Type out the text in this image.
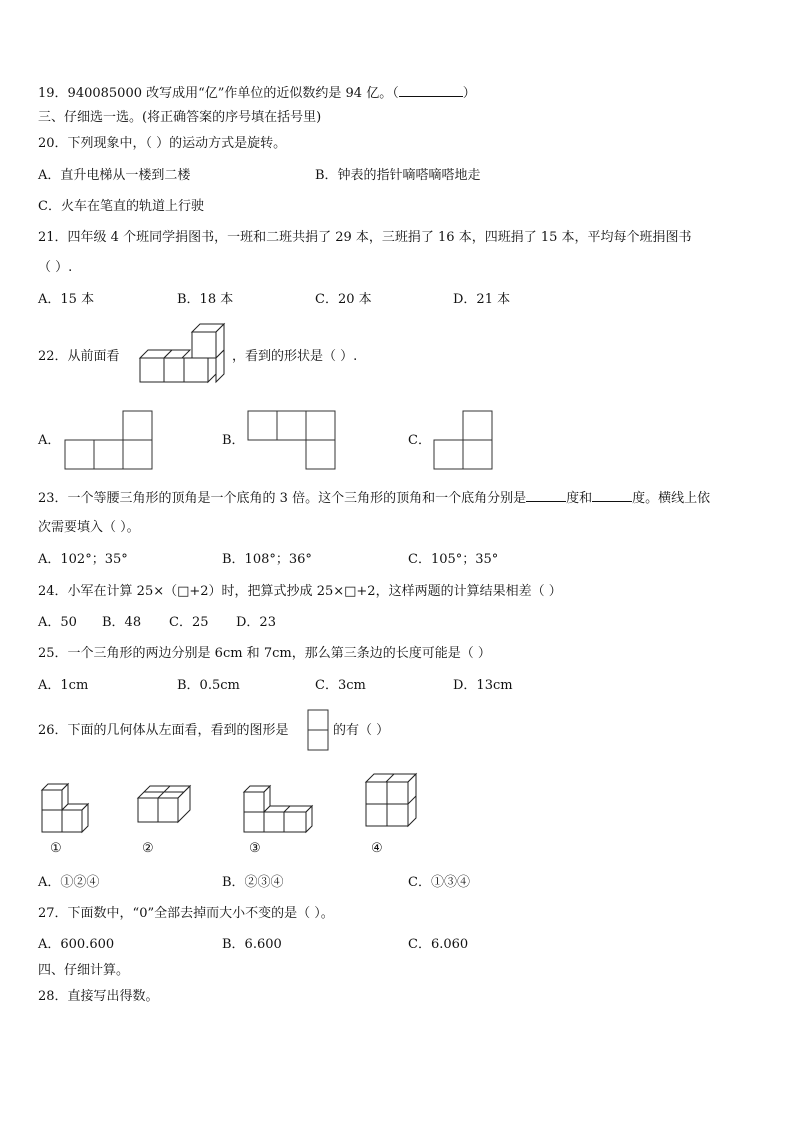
19．940085000 改写成用“亿”作单位的近似数约是 94 亿。（	）
三、仔细选一选。(将正确答案的序号填在括号里)
20．下列现象中，（ ）的运动方式是旋转。
A．直升电梯从一楼到二楼	B．钟表的指针嘀嗒嘀嗒地走
C．火车在笔直的轨道上行驶
21．四年级 4 个班同学捐图书，一班和二班共捐了 29 本，三班捐了 16 本，四班捐了 15 本，平均每个班捐图书
（ ）.
A．15 本	B．18 本	C．20 本	D．21 本
22．从前面看	，看到的形状是（ ）.
A．	B．	C．
23．一个等腰三角形的顶角是一个底角的 3 倍。这个三角形的顶角和一个底角分别是	度和	度。横线上依
次需要填入（ ）。
A．102°；35°	B．108°；36°	C．105°；35°
24．小军在计算 25×（□+2）时，把算式抄成 25×□+2，这样两题的计算结果相差（ ）
A．50 B．48 C．25 D．23
25．一个三角形的两边分别是 6cm 和 7cm，那么第三条边的长度可能是（ ）
A．1cm	B．0.5cm	C．3cm	D．13cm
26．下面的几何体从左面看，看到的图形是	的有（ ）
①	②	③	④
A．①②④	B．②③④	C．①③④
27．下面数中，“0”全部去掉而大小不变的是（ ）。
A．600.600	B．6.600	C．6.060
四、仔细计算。
28．直接写出得数。
